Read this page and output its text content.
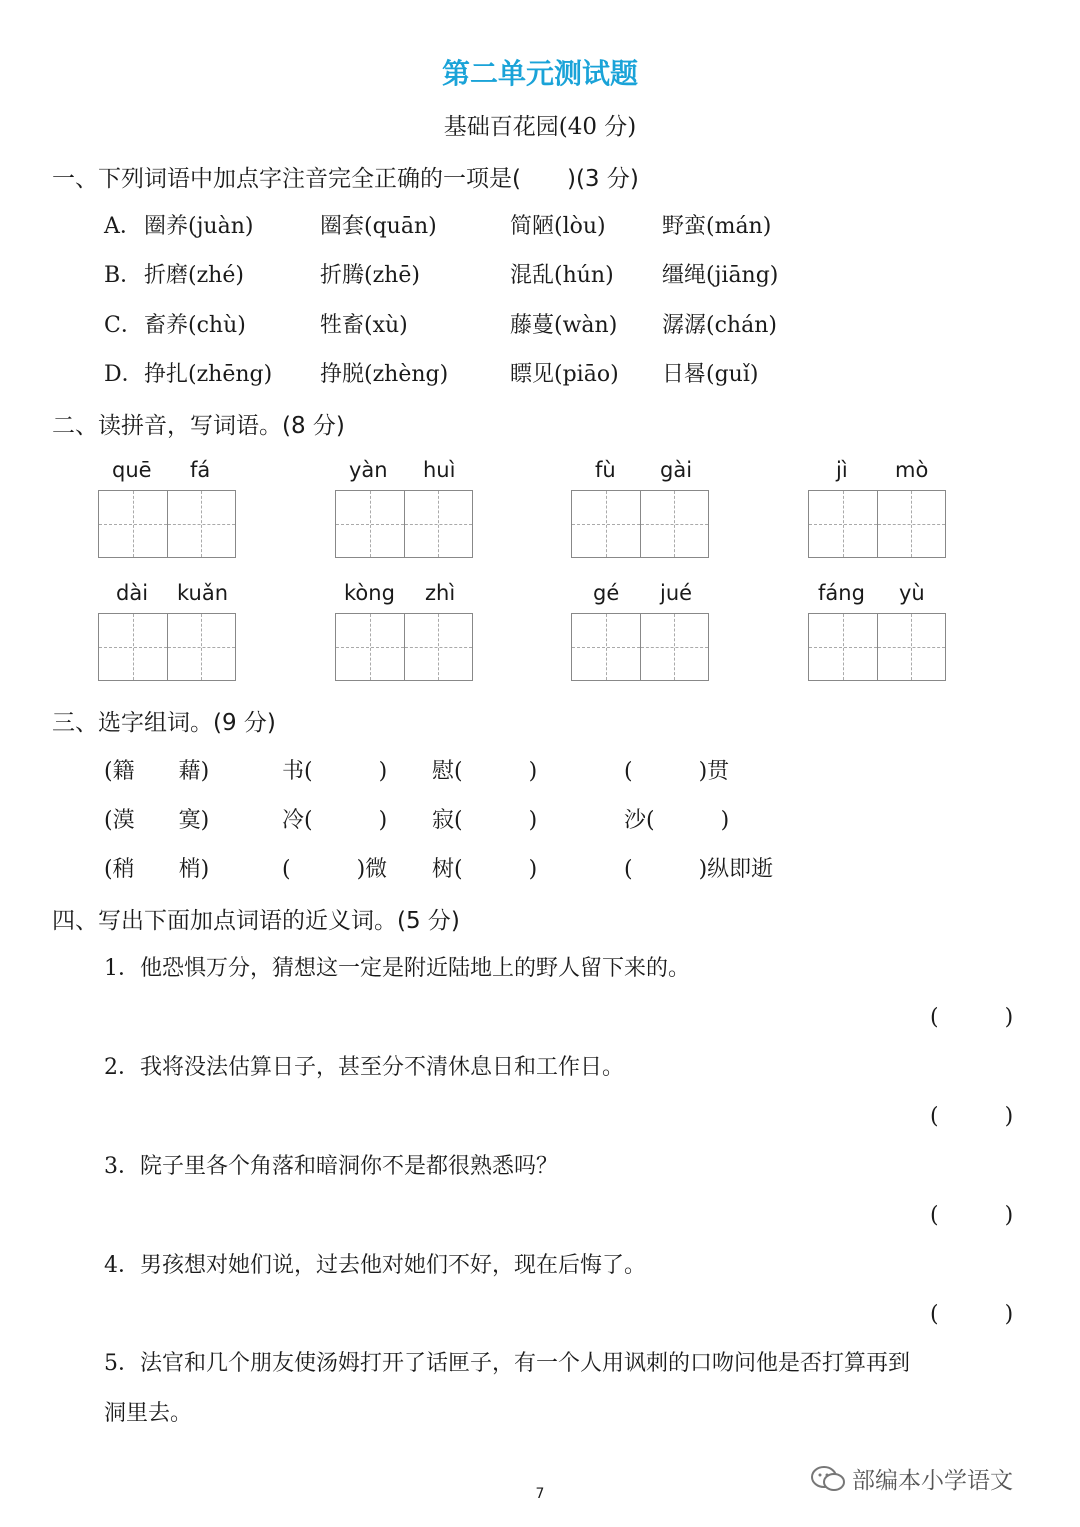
第二单元测试题
基础百花园(40 分)
一、下列词语中加点字注音完全正确的一项是(　　)(3 分)
A． 圈养(juàn)	圈套(quān)	简陋(lòu)	野蛮(mán)
B． 折磨(zhé)	折腾(zhē)	混乱(hún) 缰绳(jiāng)
C． 畜养(chù)	牲畜(xù)	藤蔓(wàn) 潺潺(chán)
D． 挣扎(zhēng) 挣脱(zhèng)	瞟见(piāo) 日晷(guǐ)
二、读拼音，写词语。(8 分)
quē fá	yàn huì	fù gài	jì mò
dài kuǎn	kòng zhì	gé jué	fáng yù
三、选字组词。(9 分)
(籍　　藉)	书(　　　) 慰(　　　)	(　　　)贯
(漠　　寞)	冷(　　　) 寂(　　　)	沙(　　　)
(稍　　梢)	(　　　)微 树(　　　)	(　　　)纵即逝
四、写出下面加点词语的近义词。(5 分)
1．他恐惧万分，猜想这一定是附近陆地上的野人留下来的。
(　　　)
2．我将没法估算日子，甚至分不清休息日和工作日。
(　　　)
3．院子里各个角落和暗洞你不是都很熟悉吗？
(　　　)
4．男孩想对她们说，过去他对她们不好，现在后悔了。
(　　　)
5．法官和几个朋友使汤姆打开了话匣子，有一个人用讽刺的口吻问他是否打算再到
洞里去。
部编本小学语文
7
